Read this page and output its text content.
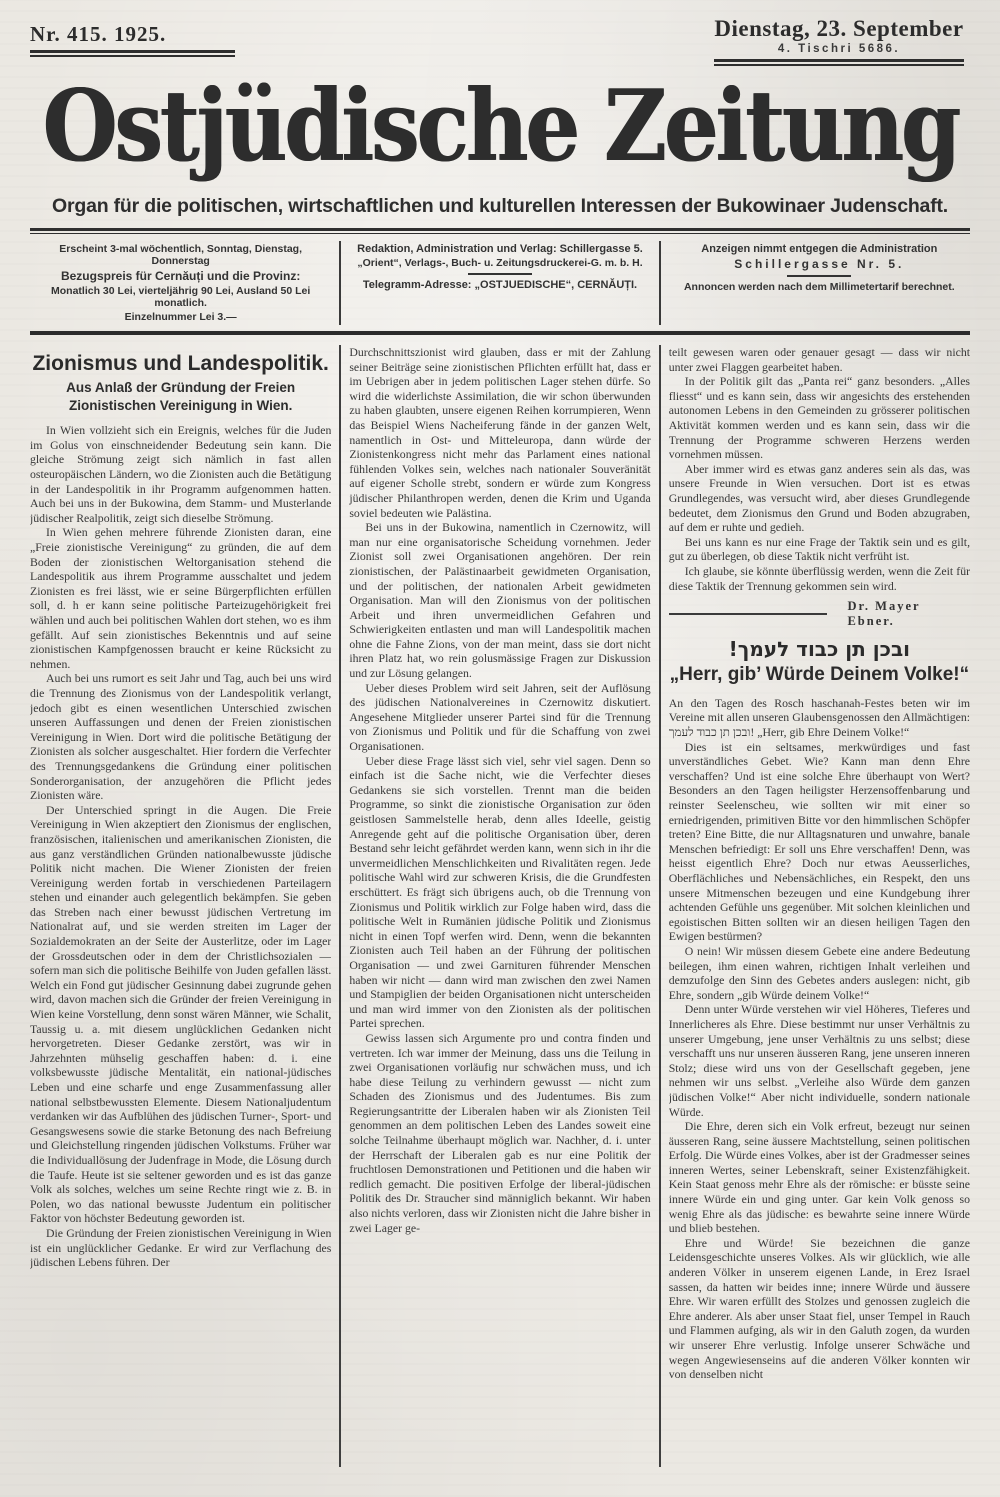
Nr. 415. 1925.	Dienstag, 23. September
4. Tischri 5686.
Ostjüdische Zeitung
Organ für die politischen, wirtschaftlichen und kulturellen Interessen der Bukowinaer Judenschaft.
Erscheint 3-mal wöchentlich, Sonntag, Dienstag, Donnerstag
Bezugspreis für Cernăuți und die Provinz:
Monatlich 30 Lei, vierteljährig 90 Lei, Ausland 50 Lei monatlich.
Einzelnummer Lei 3.—
Redaktion, Administration und Verlag: Schillergasse 5.
„Orient“, Verlags-, Buch- u. Zeitungsdruckerei-G. m. b. H.
Telegramm-Adresse: „OSTJUEDISCHE“, CERNĂUȚI.
Anzeigen nimmt entgegen die Administration
Schillergasse Nr. 5.
Annoncen werden nach dem Millimetertarif berechnet.
Zionismus und Landespolitik.
Aus Anlaß der Gründung der Freien Zionistischen Vereinigung in Wien.

In Wien vollzieht sich ein Ereignis, welches für die Juden im Golus von einschneidender Bedeutung sein kann. Die gleiche Strömung zeigt sich nämlich in fast allen osteuropäischen Ländern, wo die Zionisten auch die Betätigung in der Landespolitik in ihr Programm aufgenommen hatten. Auch bei uns in der Bukowina, dem Stamm- und Musterlande jüdischer Realpolitik, zeigt sich dieselbe Strömung.

In Wien gehen mehrere führende Zionisten daran, eine „Freie zionistische Vereinigung“ zu gründen, die auf dem Boden der zionistischen Weltorganisation stehend die Landespolitik aus ihrem Programme ausschaltet und jedem Zionisten es frei lässt, wie er seine Bürgerpflichten erfüllen soll, d. h er kann seine politische Parteizugehörigkeit frei wählen und auch bei politischen Wahlen dort stehen, wo es ihm gefällt. Auf sein zionistisches Bekenntnis und auf seine zionistischen Kampfgenossen braucht er keine Rücksicht zu nehmen.

Auch bei uns rumort es seit Jahr und Tag, auch bei uns wird die Trennung des Zionismus von der Landespolitik verlangt, jedoch gibt es einen wesentlichen Unterschied zwischen unseren Auffassungen und denen der Freien zionistischen Vereinigung in Wien. Dort wird die politische Betätigung der Zionisten als solcher ausgeschaltet. Hier fordern die Verfechter des Trennungsgedankens die Gründung einer politischen Sonderorganisation, der anzugehören die Pflicht jedes Zionisten wäre.

Der Unterschied springt in die Augen. Die Freie Vereinigung in Wien akzeptiert den Zionismus der englischen, französischen, italienischen und amerikanischen Zionisten, die aus ganz verständlichen Gründen nationalbewusste jüdische Politik nicht machen. Die Wiener Zionisten der freien Vereinigung werden fortab in verschiedenen Parteilagern stehen und einander auch gelegentlich bekämpfen. Sie geben das Streben nach einer bewusst jüdischen Vertretung im Nationalrat auf, und sie werden streiten im Lager der Sozialdemokraten an der Seite der Austerlitze, oder im Lager der Grossdeutschen oder in dem der Christlichsozialen — sofern man sich die politische Beihilfe von Juden gefallen lässt. Welch ein Fond gut jüdischer Gesinnung dabei zugrunde gehen wird, davon machen sich die Gründer der freien Vereinigung in Wien keine Vorstellung, denn sonst wären Männer, wie Schalit, Taussig u. a. mit diesem unglücklichen Gedanken nicht hervorgetreten. Dieser Gedanke zerstört, was wir in Jahrzehnten mühselig geschaffen haben: d. i. eine volksbewusste jüdische Mentalität, ein national-jüdisches Leben und eine scharfe und enge Zusammenfassung aller national selbstbewussten Elemente. Diesem Nationaljudentum verdanken wir das Aufblühen des jüdischen Turner-, Sport- und Gesangswesens sowie die starke Betonung des nach Befreiung und Gleichstellung ringenden jüdischen Volkstums. Früher war die Individuallösung der Judenfrage in Mode, die Lösung durch die Taufe. Heute ist sie seltener geworden und es ist das ganze Volk als solches, welches um seine Rechte ringt wie z. B. in Polen, wo das national bewusste Judentum ein politischer Faktor von höchster Bedeutung geworden ist.

Die Gründung der Freien zionistischen Vereinigung in Wien ist ein unglücklicher Gedanke. Er wird zur Verflachung des jüdischen Lebens führen. Der

Durchschnittszionist wird glauben, dass er mit der Zahlung seiner Beiträge seine zionistischen Pflichten erfüllt hat, dass er im Uebrigen aber in jedem politischen Lager stehen dürfe. So wird die widerlichste Assimilation, die wir schon überwunden zu haben glaubten, unsere eigenen Reihen korrumpieren, Wenn das Beispiel Wiens Nacheiferung fände in der ganzen Welt, namentlich in Ost- und Mitteleuropa, dann würde der Zionistenkongress nicht mehr das Parlament eines national fühlenden Volkes sein, welches nach nationaler Souveränität auf eigener Scholle strebt, sondern er würde zum Kongress jüdischer Philanthropen werden, denen die Krim und Uganda soviel bedeuten wie Palästina.

Bei uns in der Bukowina, namentlich in Czernowitz, will man nur eine organisatorische Scheidung vornehmen. Jeder Zionist soll zwei Organisationen angehören. Der rein zionistischen, der Palästinaarbeit gewidmeten Organisation, und der politischen, der nationalen Arbeit gewidmeten Organisation. Man will den Zionismus von der politischen Arbeit und ihren unvermeidlichen Gefahren und Schwierigkeiten entlasten und man will Landespolitik machen ohne die Fahne Zions, von der man meint, dass sie dort nicht ihren Platz hat, wo rein golusmässige Fragen zur Diskussion und zur Lösung gelangen.

Ueber dieses Problem wird seit Jahren, seit der Auflösung des jüdischen Nationalvereines in Czernowitz diskutiert. Angesehene Mitglieder unserer Partei sind für die Trennung von Zionismus und Politik und für die Schaffung von zwei Organisationen.

Ueber diese Frage lässt sich viel, sehr viel sagen. Denn so einfach ist die Sache nicht, wie die Verfechter dieses Gedankens sie sich vorstellen. Trennt man die beiden Programme, so sinkt die zionistische Organisation zur öden geistlosen Sammelstelle herab, denn alles Ideelle, geistig Anregende geht auf die politische Organisation über, deren Bestand sehr leicht gefährdet werden kann, wenn sich in ihr die unvermeidlichen Menschlichkeiten und Rivalitäten regen. Jede politische Wahl wird zur schweren Krisis, die die Grundfesten erschüttert. Es frägt sich übrigens auch, ob die Trennung von Zionismus und Politik wirklich zur Folge haben wird, dass die politische Welt in Rumänien jüdische Politik und Zionismus nicht in einen Topf werfen wird. Denn, wenn die bekannten Zionisten auch Teil haben an der Führung der politischen Organisation — und zwei Garnituren führender Menschen haben wir nicht — dann wird man zwischen den zwei Namen und Stampiglien der beiden Organisationen nicht unterscheiden und man wird immer von den Zionisten als der politischen Partei sprechen.

Gewiss lassen sich Argumente pro und contra finden und vertreten. Ich war immer der Meinung, dass uns die Teilung in zwei Organisationen vorläufig nur schwächen muss, und ich habe diese Teilung zu verhindern gewusst — nicht zum Schaden des Zionismus und des Judentumes. Bis zum Regierungsantritte der Liberalen haben wir als Zionisten Teil genommen an dem politischen Leben des Landes soweit eine solche Teilnahme überhaupt möglich war. Nachher, d. i. unter der Herrschaft der Liberalen gab es nur eine Politik der fruchtlosen Demonstrationen und Petitionen und die haben wir redlich gemacht. Die positiven Erfolge der liberal-jüdischen Politik des Dr. Straucher sind männiglich bekannt. Wir haben also nichts verloren, dass wir Zionisten nicht die Jahre bisher in zwei Lager ge-

teilt gewesen waren oder genauer gesagt — dass wir nicht unter zwei Flaggen gearbeitet haben.

In der Politik gilt das „Panta rei“ ganz besonders. „Alles fliesst“ und es kann sein, dass wir angesichts des erstehenden autonomen Lebens in den Gemeinden zu grösserer politischen Aktivität kommen werden und es kann sein, dass wir die Trennung der Programme schweren Herzens werden vornehmen müssen.

Aber immer wird es etwas ganz anderes sein als das, was unsere Freunde in Wien versuchen. Dort ist es etwas Grundlegendes, was versucht wird, aber dieses Grundlegende bedeutet, dem Zionismus den Grund und Boden abzugraben, auf dem er ruhte und gedieh.

Bei uns kann es nur eine Frage der Taktik sein und es gilt, gut zu überlegen, ob diese Taktik nicht verfrüht ist.

Ich glaube, sie könnte überflüssig werden, wenn die Zeit für diese Taktik der Trennung gekommen sein wird.

Dr. Mayer Ebner.
ובכן תן כבוד לעמך!
„Herr, gib’ Würde Deinem Volke!“

An den Tagen des Rosch haschanah-Festes beten wir im Vereine mit allen unseren Glaubensgenossen den Allmächtigen: ובכן תן כבוד לעמך! „Herr, gib Ehre Deinem Volke!“

Dies ist ein seltsames, merkwürdiges und fast unverständliches Gebet. Wie? Kann man denn Ehre verschaffen? Und ist eine solche Ehre überhaupt von Wert? Besonders an den Tagen heiligster Herzensoffenbarung und reinster Seelenscheu, wie sollten wir mit einer so erniedrigenden, primitiven Bitte vor den himmlischen Schöpfer treten? Eine Bitte, die nur Alltagsnaturen und unwahre, banale Menschen befriedigt: Er soll uns Ehre verschaffen! Denn, was heisst eigentlich Ehre? Doch nur etwas Aeusserliches, Oberflächliches und Nebensächliches, ein Respekt, den uns unsere Mitmenschen bezeugen und eine Kundgebung ihrer achtenden Gefühle uns gegenüber. Mit solchen kleinlichen und egoistischen Bitten sollten wir an diesen heiligen Tagen den Ewigen bestürmen?

O nein! Wir müssen diesem Gebete eine andere Bedeutung beilegen, ihm einen wahren, richtigen Inhalt verleihen und demzufolge den Sinn des Gebetes anders auslegen: nicht, gib Ehre, sondern „gib Würde deinem Volke!“

Denn unter Würde verstehen wir viel Höheres, Tieferes und Innerlicheres als Ehre. Diese bestimmt nur unser Verhältnis zu unserer Umgebung, jene unser Verhältnis zu uns selbst; diese verschafft uns nur unseren äusseren Rang, jene unseren inneren Stolz; diese wird uns von der Gesellschaft gegeben, jene nehmen wir uns selbst. „Verleihe also Würde dem ganzen jüdischen Volke!“ Aber nicht individuelle, sondern nationale Würde.

Die Ehre, deren sich ein Volk erfreut, bezeugt nur seinen äusseren Rang, seine äussere Machtstellung, seinen politischen Erfolg. Die Würde eines Volkes, aber ist der Gradmesser seines inneren Wertes, seiner Lebenskraft, seiner Existenzfähigkeit. Kein Staat genoss mehr Ehre als der römische: er büsste seine innere Würde ein und ging unter. Gar kein Volk genoss so wenig Ehre als das jüdische: es bewahrte seine innere Würde und blieb bestehen.

Ehre und Würde! Sie bezeichnen die ganze Leidensgeschichte unseres Volkes. Als wir glücklich, wie alle anderen Völker in unserem eigenen Lande, in Erez Israel sassen, da hatten wir beides inne; innere Würde und äussere Ehre. Wir waren erfüllt des Stolzes und genossen zugleich die Ehre anderer. Als aber unser Staat fiel, unser Tempel in Rauch und Flammen aufging, als wir in den Galuth zogen, da wurden wir unserer Ehre verlustig. Infolge unserer Schwäche und wegen Angewiesenseins auf die anderen Völker konnten wir von denselben nicht
